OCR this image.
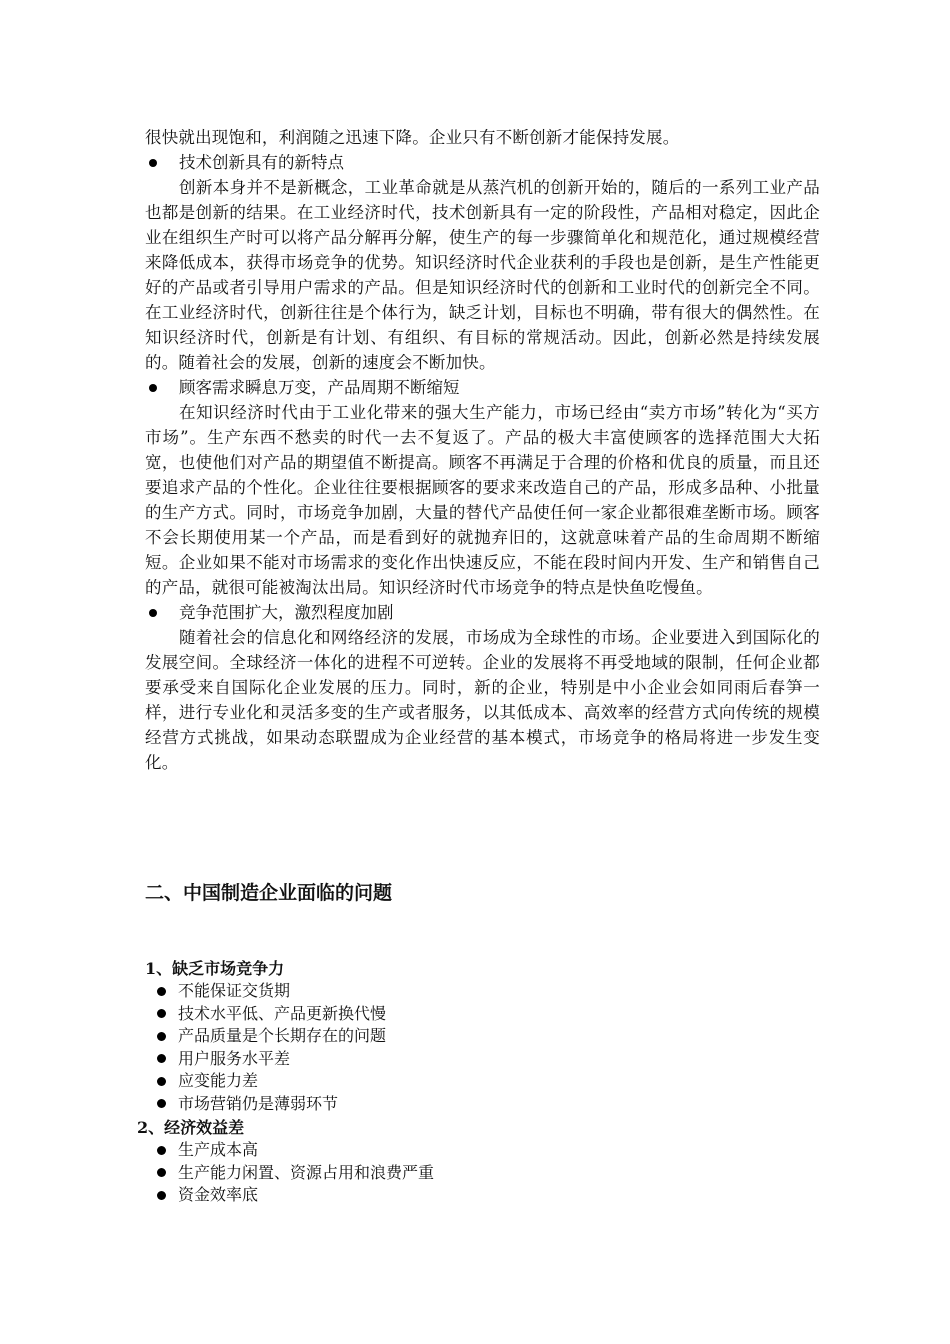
很快就出现饱和，利润随之迅速下降。企业只有不断创新才能保持发展。

技术创新具有的新特点

创新本身并不是新概念，工业革命就是从蒸汽机的创新开始的，随后的一系列工业产品也都是创新的结果。在工业经济时代，技术创新具有一定的阶段性，产品相对稳定，因此企业在组织生产时可以将产品分解再分解，使生产的每一步骤简单化和规范化，通过规模经营来降低成本，获得市场竞争的优势。知识经济时代企业获利的手段也是创新，是生产性能更好的产品或者引导用户需求的产品。但是知识经济时代的创新和工业时代的创新完全不同。在工业经济时代，创新往往是个体行为，缺乏计划，目标也不明确，带有很大的偶然性。在知识经济时代，创新是有计划、有组织、有目标的常规活动。因此，创新必然是持续发展的。随着社会的发展，创新的速度会不断加快。

顾客需求瞬息万变，产品周期不断缩短

在知识经济时代由于工业化带来的强大生产能力，市场已经由“卖方市场”转化为“买方市场”。生产东西不愁卖的时代一去不复返了。产品的极大丰富使顾客的选择范围大大拓宽，也使他们对产品的期望值不断提高。顾客不再满足于合理的价格和优良的质量，而且还要追求产品的个性化。企业往往要根据顾客的要求来改造自己的产品，形成多品种、小批量的生产方式。同时，市场竞争加剧，大量的替代产品使任何一家企业都很难垄断市场。顾客不会长期使用某一个产品，而是看到好的就抛弃旧的，这就意味着产品的生命周期不断缩短。企业如果不能对市场需求的变化作出快速反应，不能在段时间内开发、生产和销售自己的产品，就很可能被淘汰出局。知识经济时代市场竞争的特点是快鱼吃慢鱼。

竞争范围扩大，激烈程度加剧

随着社会的信息化和网络经济的发展，市场成为全球性的市场。企业要进入到国际化的发展空间。全球经济一体化的进程不可逆转。企业的发展将不再受地域的限制，任何企业都要承受来自国际化企业发展的压力。同时，新的企业，特别是中小企业会如同雨后春笋一样，进行专业化和灵活多变的生产或者服务，以其低成本、高效率的经营方式向传统的规模经营方式挑战，如果动态联盟成为企业经营的基本模式，市场竞争的格局将进一步发生变化。

二、中国制造企业面临的问题

1、缺乏市场竞争力

不能保证交货期
技术水平低、产品更新换代慢
产品质量是个长期存在的问题
用户服务水平差
应变能力差
市场营销仍是薄弱环节

2、经济效益差

生产成本高
生产能力闲置、资源占用和浪费严重
资金效率底
